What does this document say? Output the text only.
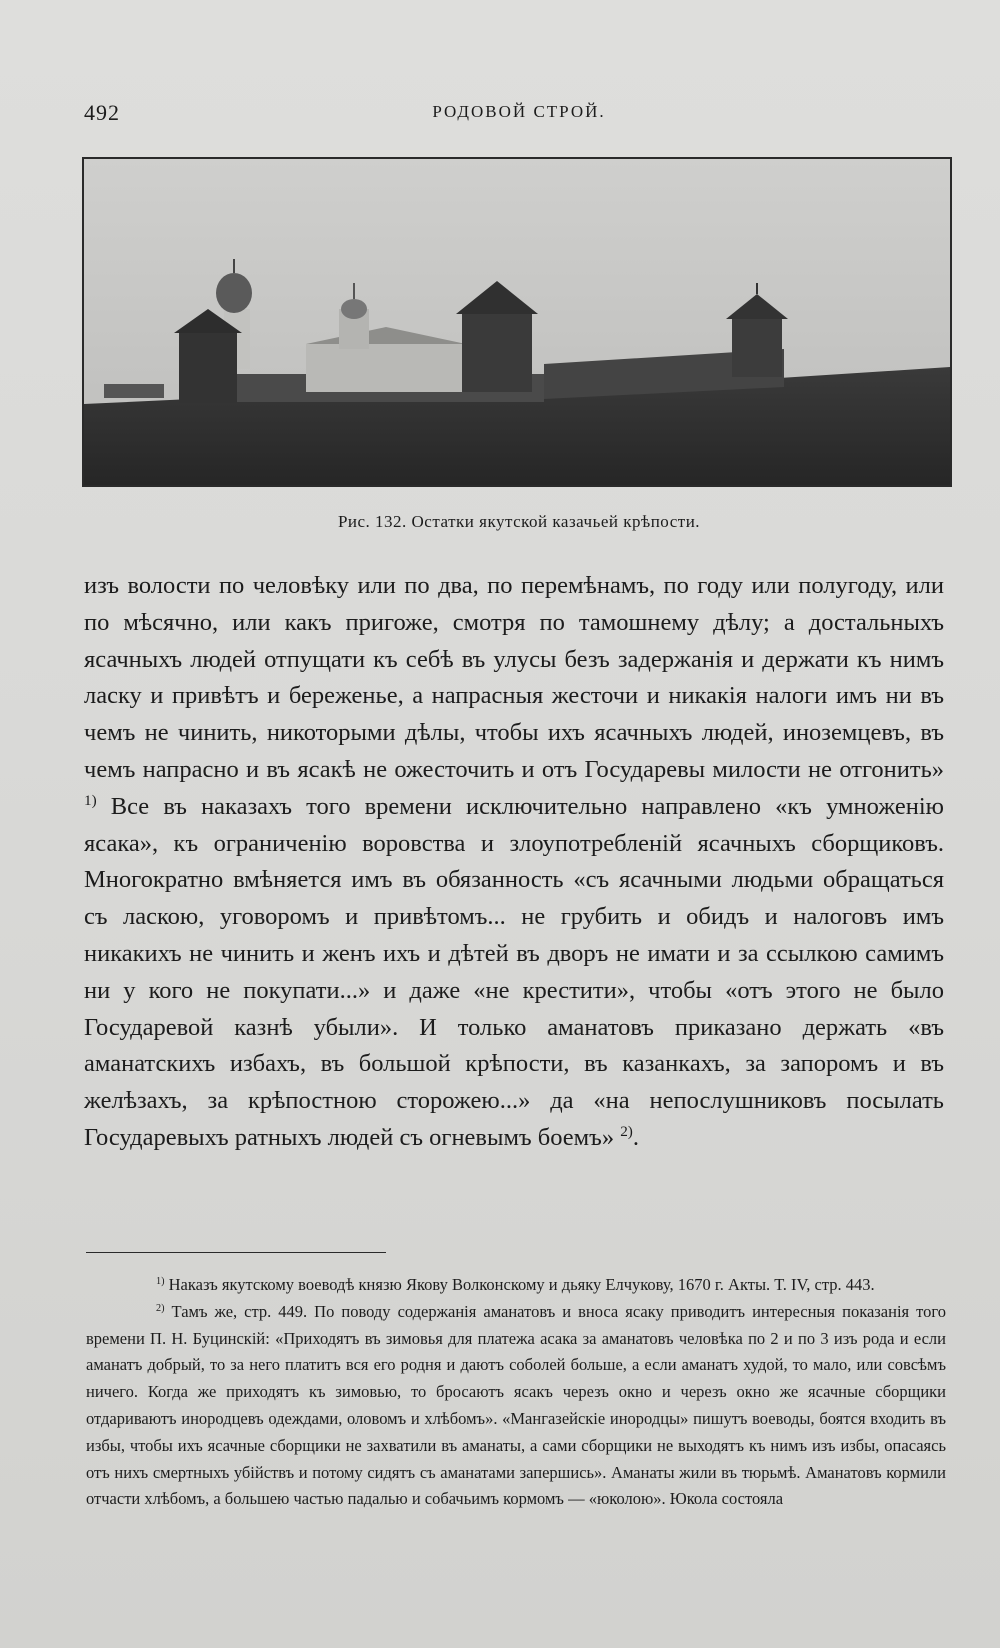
492	РОДОВОЙ СТРОЙ.
Рис. 132. Остатки якутской казачьей крѣпости.

изъ волости по человѣку или по два, по перемѣнамъ, по году или полугоду, или по мѣсячно, или какъ пригоже, смотря по тамошнему дѣлу; а достальныхъ ясачныхъ людей отпущати къ себѣ въ улусы безъ задержанія и держати къ нимъ ласку и привѣтъ и береженье, а напрасныя жесточи и никакія налоги имъ ни въ чемъ не чинить, никоторыми дѣлы, чтобы ихъ ясачныхъ людей, иноземцевъ, въ чемъ напрасно и въ ясакѣ не ожесточить и отъ Государевы милости не отгонить» $^{1)}$ Все въ наказахъ того времени исключительно направлено «къ умноженію ясака», къ ограниченію воровства и злоупотребленій ясачныхъ сборщиковъ. Многократно вмѣняется имъ въ обязанность «съ ясачными людьми обращаться съ ласкою, уговоромъ и привѣтомъ... не грубить и обидъ и налоговъ имъ никакихъ не чинить и женъ ихъ и дѣтей въ дворъ не имати и за ссылкою самимъ ни у кого не покупати...» и даже «не крестити», чтобы «отъ этого не было Государевой казнѣ убыли». И только аманатовъ приказано держать «въ аманатскихъ избахъ, въ большой крѣпости, въ казанкахъ, за запоромъ и въ желѣзахъ, за крѣпостною сторожею...» да «на непослушниковъ посылать Государевыхъ ратныхъ людей съ огневымъ боемъ» $^{2)}$.

$^{1)}$ Наказъ якутскому воеводѣ князю Якову Волконскому и дьяку Елчукову, 1670 г. Акты. Т. IV, стр. 443.

$^{2)}$ Тамъ же, стр. 449. По поводу содержанія аманатовъ и вноса ясаку приводитъ интересныя показанія того времени П. Н. Буцинскій: «Приходятъ въ зимовья для платежа асака за аманатовъ человѣка по 2 и по 3 изъ рода и если аманатъ добрый, то за него платитъ вся его родня и даютъ соболей больше, а если аманатъ худой, то мало, или совсѣмъ ничего. Когда же приходятъ къ зимовью, то бросаютъ ясакъ черезъ окно и черезъ окно же ясачные сборщики отдариваютъ инородцевъ одеждами, оловомъ и хлѣбомъ». «Мангазейскіе инородцы» пишутъ воеводы, боятся входить въ избы, чтобы ихъ ясачные сборщики не захватили въ аманаты, а сами сборщики не выходятъ къ нимъ изъ избы, опасаясь отъ нихъ смертныхъ убійствъ и потому сидятъ съ аманатами запершись». Аманаты жили въ тюрьмѣ. Аманатовъ кормили отчасти хлѣбомъ, а большею частью падалью и собачьимъ кормомъ — «юколою». Юкола состояла
